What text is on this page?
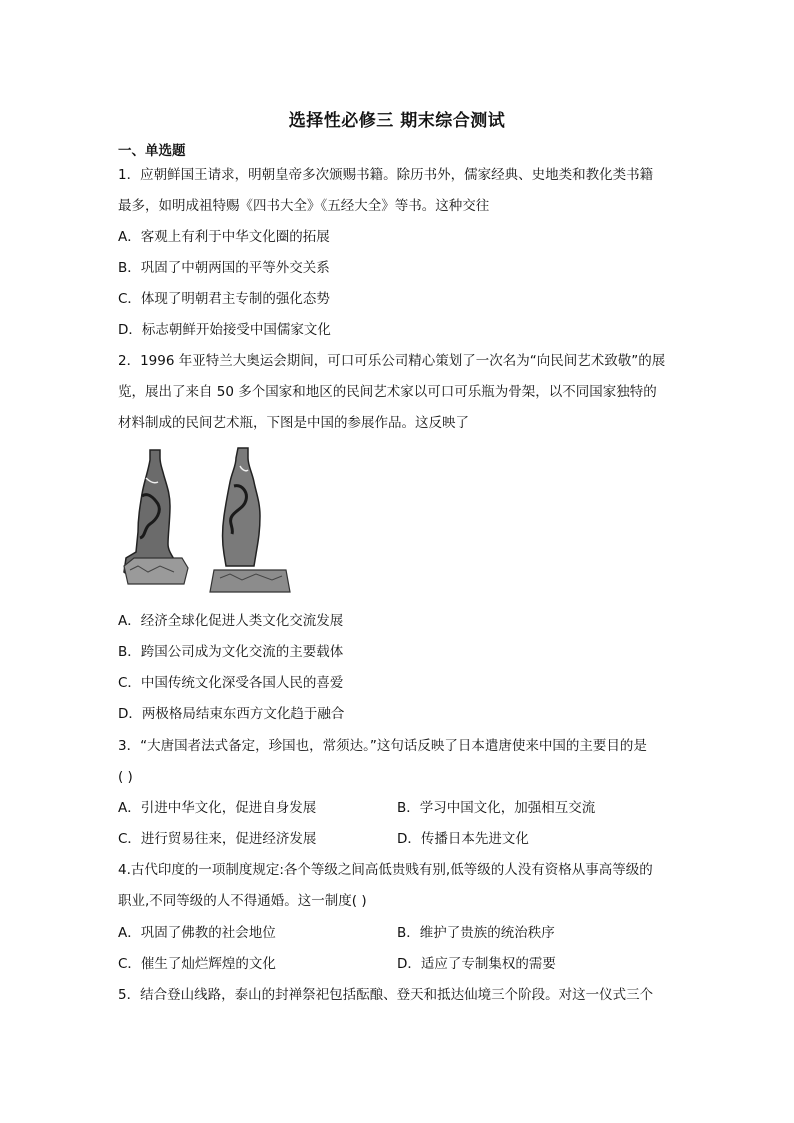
选择性必修三 期末综合测试
一、单选题
1．应朝鲜国王请求，明朝皇帝多次颁赐书籍。除历书外，儒家经典、史地类和教化类书籍
最多，如明成祖特赐《四书大全》《五经大全》等书。这种交往
A．客观上有利于中华文化圈的拓展
B．巩固了中朝两国的平等外交关系
C．体现了明朝君主专制的强化态势
D．标志朝鲜开始接受中国儒家文化
2．1996 年亚特兰大奥运会期间，可口可乐公司精心策划了一次名为“向民间艺术致敬”的展
览，展出了来自 50 多个国家和地区的民间艺术家以可口可乐瓶为骨架，以不同国家独特的
材料制成的民间艺术瓶，下图是中国的参展作品。这反映了
A．经济全球化促进人类文化交流发展
B．跨国公司成为文化交流的主要载体
C．中国传统文化深受各国人民的喜爱
D．两极格局结束东西方文化趋于融合
3．“大唐国者法式备定，珍国也，常须达。”这句话反映了日本遣唐使来中国的主要目的是
( )
A．引进中华文化，促进自身发展	B．学习中国文化，加强相互交流
C．进行贸易往来，促进经济发展	D．传播日本先进文化
4.古代印度的一项制度规定:各个等级之间高低贵贱有别,低等级的人没有资格从事高等级的
职业,不同等级的人不得通婚。这一制度( )
A．巩固了佛教的社会地位	B．维护了贵族的统治秩序
C．催生了灿烂辉煌的文化	D．适应了专制集权的需要
5．结合登山线路，泰山的封禅祭祀包括酝酿、登天和抵达仙境三个阶段。对这一仪式三个
